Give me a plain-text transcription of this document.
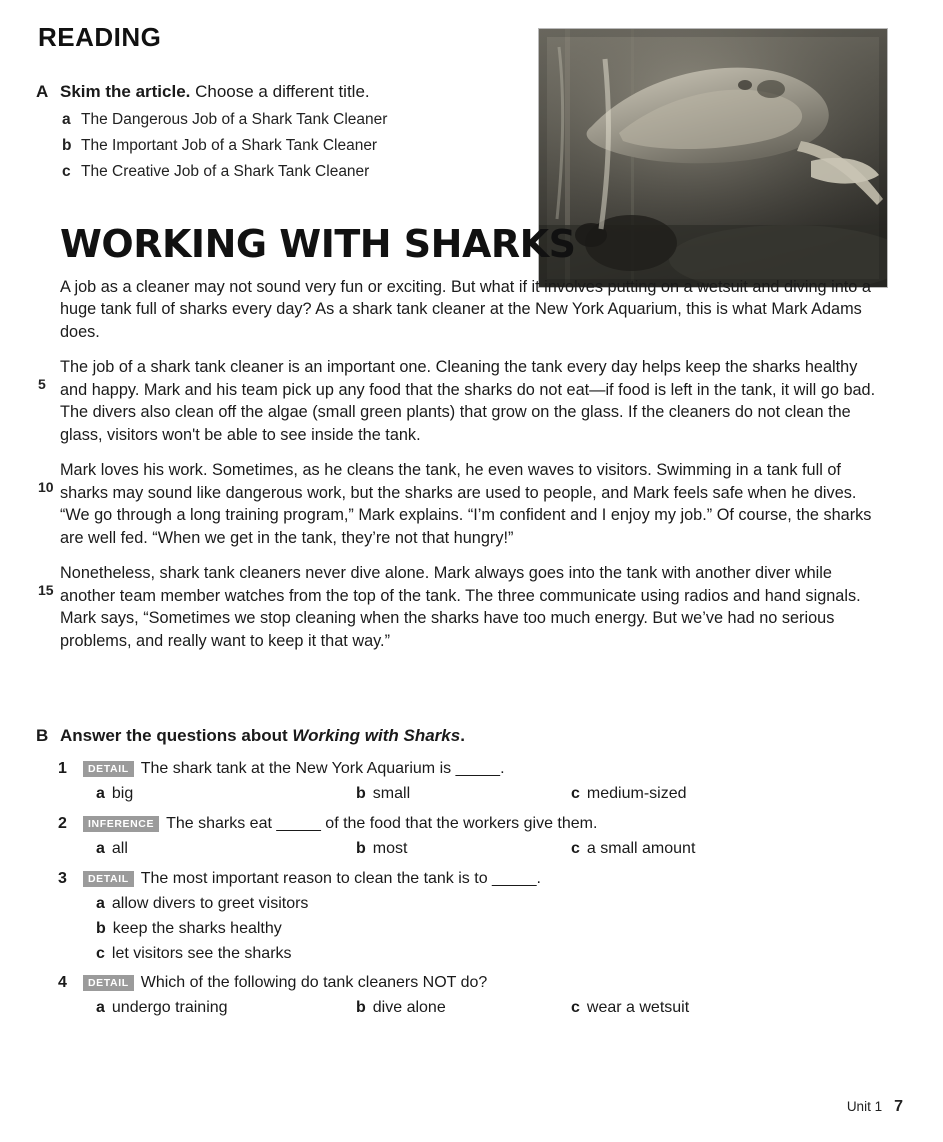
READING
A Skim the article. Choose a different title.
a The Dangerous Job of a Shark Tank Cleaner
b The Important Job of a Shark Tank Cleaner
c The Creative Job of a Shark Tank Cleaner
WORKING WITH SHARKS

A job as a cleaner may not sound very fun or exciting. But what if it involves putting on a wetsuit and diving into a huge tank full of sharks every day? As a shark tank cleaner at the New York Aquarium, this is what Mark Adams does.

5

The job of a shark tank cleaner is an important one. Cleaning the tank every day helps keep the sharks healthy and happy. Mark and his team pick up any food that the sharks do not eat—if food is left in the tank, it will go bad. The divers also clean off the algae (small green plants) that grow on the glass. If the cleaners do not clean the glass, visitors won't be able to see inside the tank.

10

Mark loves his work. Sometimes, as he cleans the tank, he even waves to visitors. Swimming in a tank full of sharks may sound like dangerous work, but the sharks are used to people, and Mark feels safe when he dives. “We go through a long training program,” Mark explains. “I’m confident and I enjoy my job.” Of course, the sharks are well fed. “When we get in the tank, they’re not that hungry!”

15

Nonetheless, shark tank cleaners never dive alone. Mark always goes into the tank with another diver while another team member watches from the top of the tank. The three communicate using radios and hand signals. Mark says, “Sometimes we stop cleaning when the sharks have too much energy. But we’ve had no serious problems, and really want to keep it that way.”

B Answer the questions about Working with Sharks.
1	DETAIL The shark tank at the New York Aquarium is _____.
a big	b small	c medium-sized
2	INFERENCE The sharks eat _____ of the food that the workers give them.
a all	b most	c a small amount
3	DETAIL The most important reason to clean the tank is to _____.
a allow divers to greet visitors
b keep the sharks healthy
c let visitors see the sharks
4	DETAIL Which of the following do tank cleaners NOT do?
a undergo training	b dive alone	c wear a wetsuit
Unit 1 7
